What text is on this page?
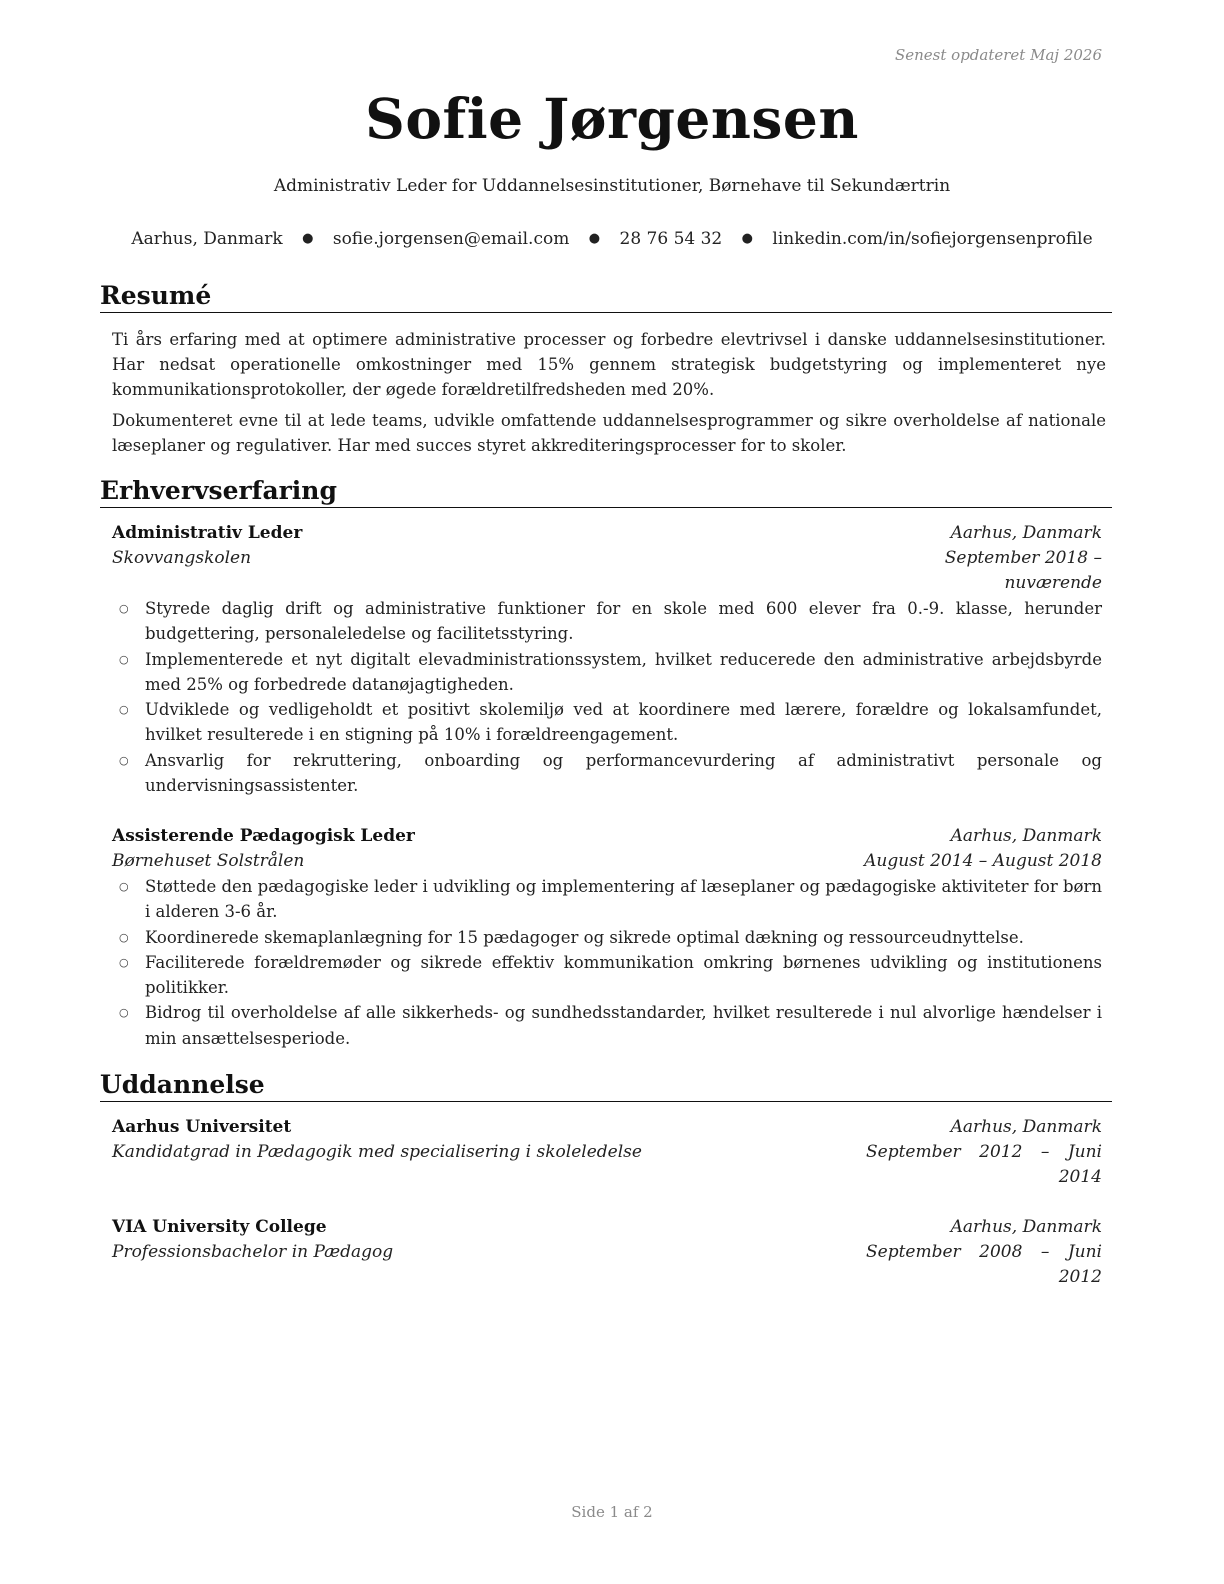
Senest opdateret Maj 2026
Sofie Jørgensen
Administrativ Leder for Uddannelsesinstitutioner, Børnehave til Sekundærtrin
Aarhus, Danmark ● sofie.jorgensen@email.com ● 28 76 54 32 ● linkedin.com/in/sofiejorgensenprofile
Resumé
Ti års erfaring med at optimere administrative processer og forbedre elevtrivsel i danske uddannelsesinstitutioner. Har nedsat operationelle omkostninger med 15% gennem strategisk budgetstyring og implementeret nye kommunikationsprotokoller, der øgede forældretilfredsheden med 20%.
Dokumenteret evne til at lede teams, udvikle omfattende uddannelsesprogrammer og sikre overholdelse af nationale læseplaner og regulativer. Har med succes styret akkrediteringsprocesser for to skoler.
Erhvervserfaring
Administrativ Leder	Aarhus, Danmark
Skovvangskolen	September 2018 – nuværende
○ Styrede daglig drift og administrative funktioner for en skole med 600 elever fra 0.-9. klasse, herunder budgettering, personaleledelse og facilitetsstyring.
○ Implementerede et nyt digitalt elevadministrationssystem, hvilket reducerede den administrative arbejdsbyrde med 25% og forbedrede datanøjagtigheden.
○ Udviklede og vedligeholdt et positivt skolemiljø ved at koordinere med lærere, forældre og lokalsamfundet, hvilket resulterede i en stigning på 10% i forældreengagement.
○ Ansvarlig for rekruttering, onboarding og performancevurdering af administrativt personale og undervisningsassistenter.
Assisterende Pædagogisk Leder	Aarhus, Danmark
Børnehuset Solstrålen	August 2014 – August 2018
○ Støttede den pædagogiske leder i udvikling og implementering af læseplaner og pædagogiske aktiviteter for børn i alderen 3-6 år.
○ Koordinerede skemaplanlægning for 15 pædagoger og sikrede optimal dækning og ressourceudnyttelse.
○ Faciliterede forældremøder og sikrede effektiv kommunikation omkring børnenes udvikling og institutionens politikker.
○ Bidrog til overholdelse af alle sikkerheds- og sundhedsstandarder, hvilket resulterede i nul alvorlige hændelser i min ansættelsesperiode.
Uddannelse
Aarhus Universitet	Aarhus, Danmark
Kandidatgrad in Pædagogik med specialisering i skoleledelse	September 2012 – Juni 2014
VIA University College	Aarhus, Danmark
Professionsbachelor in Pædagog	September 2008 – Juni 2012
Side 1 af 2
